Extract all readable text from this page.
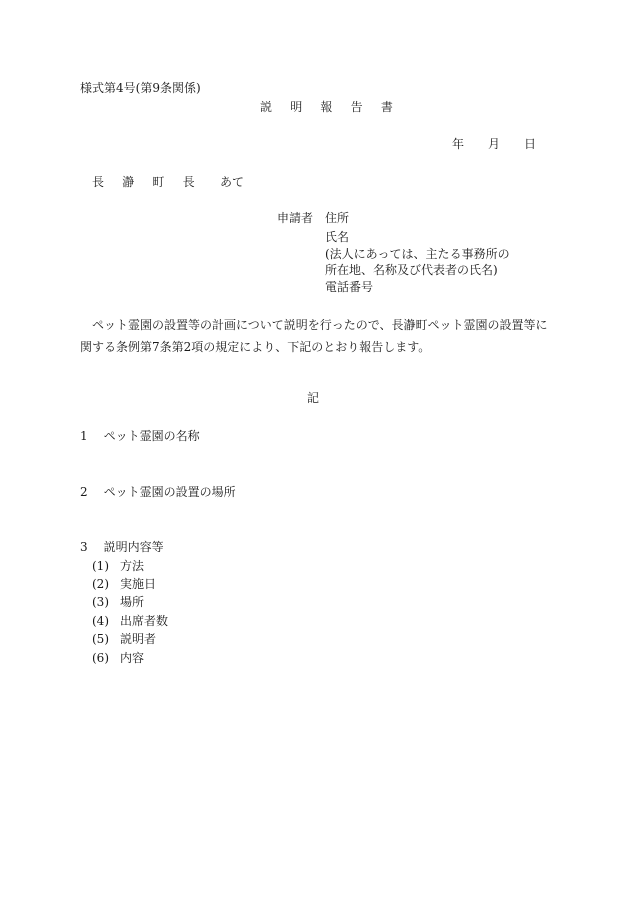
様式第4号(第9条関係)
説 明 報 告 書
年 月 日
長 瀞 町 長 あて
申請者 住所
氏名
(法人にあっては、主たる事務所の
所在地、名称及び代表者の氏名)
電話番号
ペット霊園の設置等の計画について説明を行ったので、長瀞町ペット霊園の設置等に関する条例第7条第2項の規定により、下記のとおり報告します。
記
1 ペット霊園の名称
2 ペット霊園の設置の場所
3 説明内容等
(1) 方法
(2) 実施日
(3) 場所
(4) 出席者数
(5) 説明者
(6) 内容
